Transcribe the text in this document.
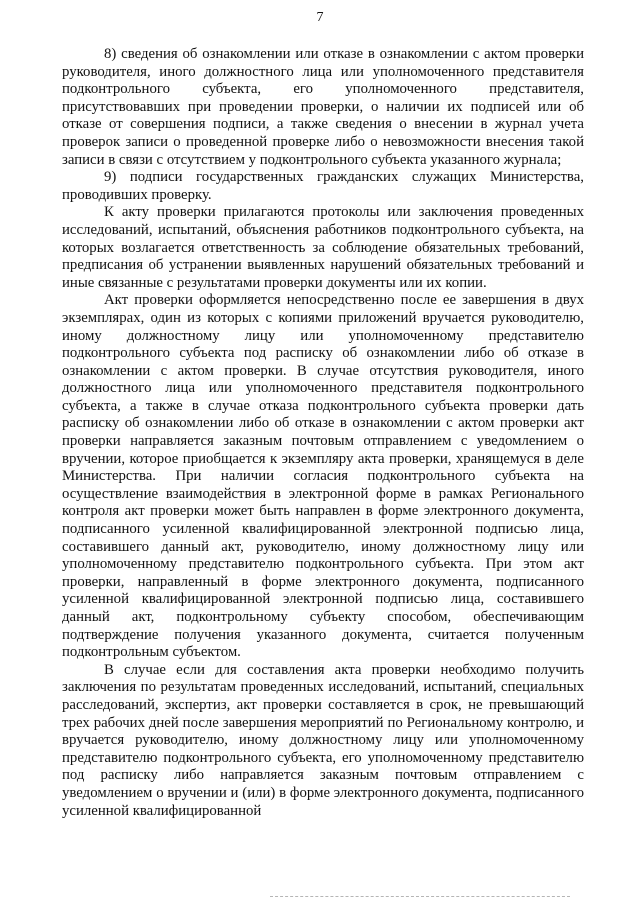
7

8) сведения об ознакомлении или отказе в ознакомлении с актом проверки руководителя, иного должностного лица или уполномоченного представителя подконтрольного субъекта, его уполномоченного представителя, присутствовавших при проведении проверки, о наличии их подписей или об отказе от совершения подписи, а также сведения о внесении в журнал учета проверок записи о проведенной проверке либо о невозможности внесения такой записи в связи с отсутствием у подконтрольного субъекта указанного журнала;

9) подписи государственных гражданских служащих Министерства, проводивших проверку.

К акту проверки прилагаются протоколы или заключения проведенных исследований, испытаний, объяснения работников подконтрольного субъекта, на которых возлагается ответственность за соблюдение обязательных требований, предписания об устранении выявленных нарушений обязательных требований и иные связанные с результатами проверки документы или их копии.

Акт проверки оформляется непосредственно после ее завершения в двух экземплярах, один из которых с копиями приложений вручается руководителю, иному должностному лицу или уполномоченному представителю подконтрольного субъекта под расписку об ознакомлении либо об отказе в ознакомлении с актом проверки. В случае отсутствия руководителя, иного должностного лица или уполномоченного представителя подконтрольного субъекта, а также в случае отказа подконтрольного субъекта проверки дать расписку об ознакомлении либо об отказе в ознакомлении с актом проверки акт проверки направляется заказным почтовым отправлением с уведомлением о вручении, которое приобщается к экземпляру акта проверки, хранящемуся в деле Министерства. При наличии согласия подконтрольного субъекта на осуществление взаимодействия в электронной форме в рамках Регионального контроля акт проверки может быть направлен в форме электронного документа, подписанного усиленной квалифицированной электронной подписью лица, составившего данный акт, руководителю, иному должностному лицу или уполномоченному представителю подконтрольного субъекта. При этом акт проверки, направленный в форме электронного документа, подписанного усиленной квалифицированной электронной подписью лица, составившего данный акт, подконтрольному субъекту способом, обеспечивающим подтверждение получения указанного документа, считается полученным подконтрольным субъектом.

В случае если для составления акта проверки необходимо получить заключения по результатам проведенных исследований, испытаний, специальных расследований, экспертиз, акт проверки составляется в срок, не превышающий трех рабочих дней после завершения мероприятий по Региональному контролю, и вручается руководителю, иному должностному лицу или уполномоченному представителю подконтрольного субъекта, его уполномоченному представителю под расписку либо направляется заказным почтовым отправлением с уведомлением о вручении и (или) в форме электронного документа, подписанного усиленной квалифицированной
